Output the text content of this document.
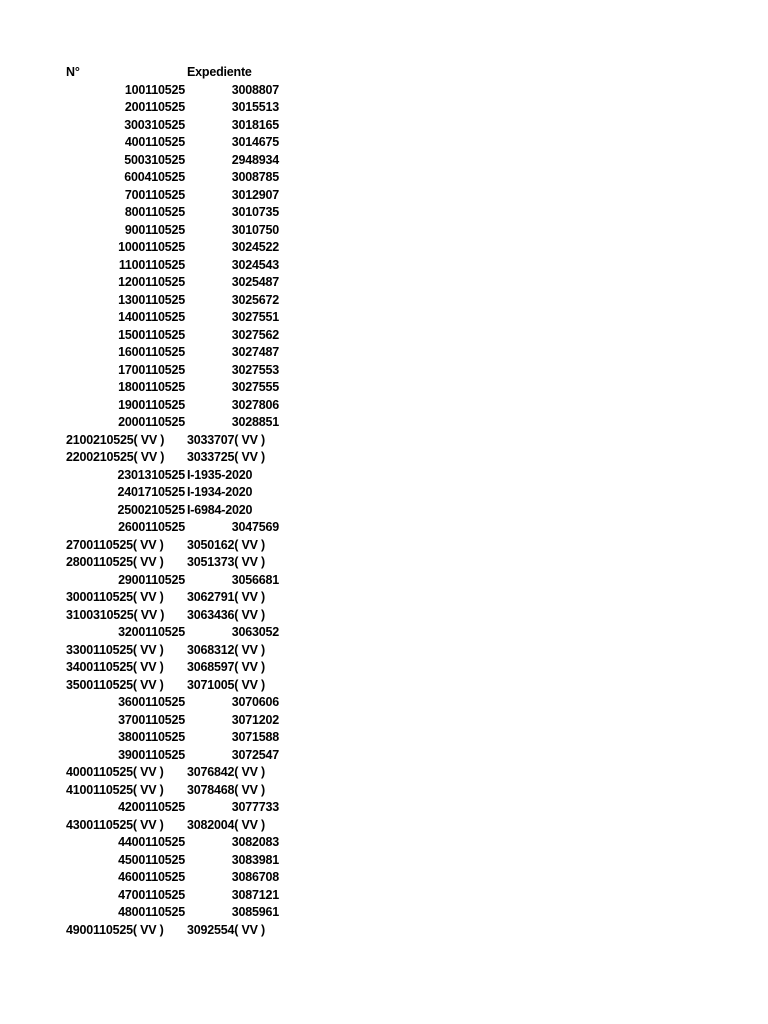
N°	Expediente
100110525	3008807
200110525	3015513
300310525	3018165
400110525	3014675
500310525	2948934
600410525	3008785
700110525	3012907
800110525	3010735
900110525	3010750
1000110525	3024522
1100110525	3024543
1200110525	3025487
1300110525	3025672
1400110525	3027551
1500110525	3027562
1600110525	3027487
1700110525	3027553
1800110525	3027555
1900110525	3027806
2000110525	3028851
2100210525( VV )	3033707( VV )
2200210525( VV )	3033725( VV )
2301310525 I-1935-2020
2401710525 I-1934-2020
2500210525 I-6984-2020
2600110525	3047569
2700110525( VV )	3050162( VV )
2800110525( VV )	3051373( VV )
2900110525	3056681
3000110525( VV )	3062791( VV )
3100310525( VV )	3063436( VV )
3200110525	3063052
3300110525( VV )	3068312( VV )
3400110525( VV )	3068597( VV )
3500110525( VV )	3071005( VV )
3600110525	3070606
3700110525	3071202
3800110525	3071588
3900110525	3072547
4000110525( VV )	3076842( VV )
4100110525( VV )	3078468( VV )
4200110525	3077733
4300110525( VV )	3082004( VV )
4400110525	3082083
4500110525	3083981
4600110525	3086708
4700110525	3087121
4800110525	3085961
4900110525( VV )	3092554( VV )
